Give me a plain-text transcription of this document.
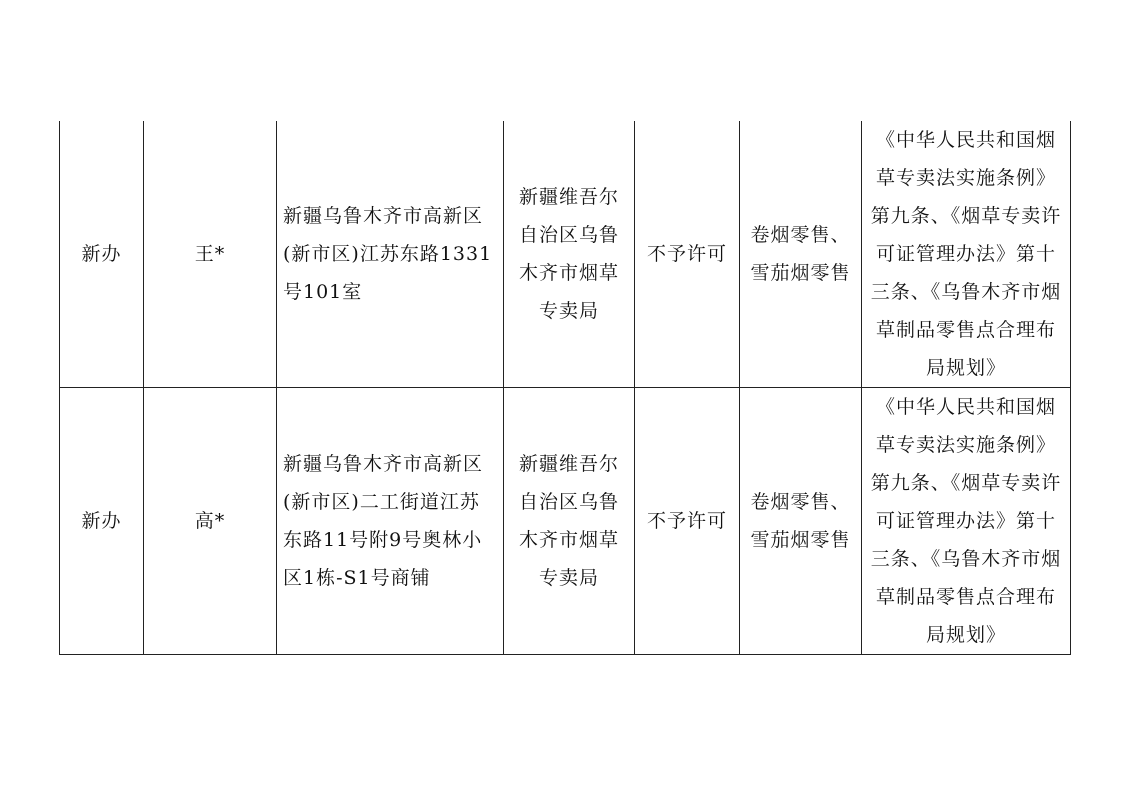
新办	王*	新疆乌鲁木齐市高新区(新市区)江苏东路1331号101室	新疆维吾尔自治区乌鲁木齐市烟草专卖局	不予许可	卷烟零售、雪茄烟零售	《中华人民共和国烟草专卖法实施条例》第九条、《烟草专卖许可证管理办法》第十三条、《乌鲁木齐市烟草制品零售点合理布局规划》
新办	高*	新疆乌鲁木齐市高新区(新市区)二工街道江苏东路11号附9号奥林小区1栋-S1号商铺	新疆维吾尔自治区乌鲁木齐市烟草专卖局	不予许可	卷烟零售、雪茄烟零售	《中华人民共和国烟草专卖法实施条例》第九条、《烟草专卖许可证管理办法》第十三条、《乌鲁木齐市烟草制品零售点合理布局规划》
